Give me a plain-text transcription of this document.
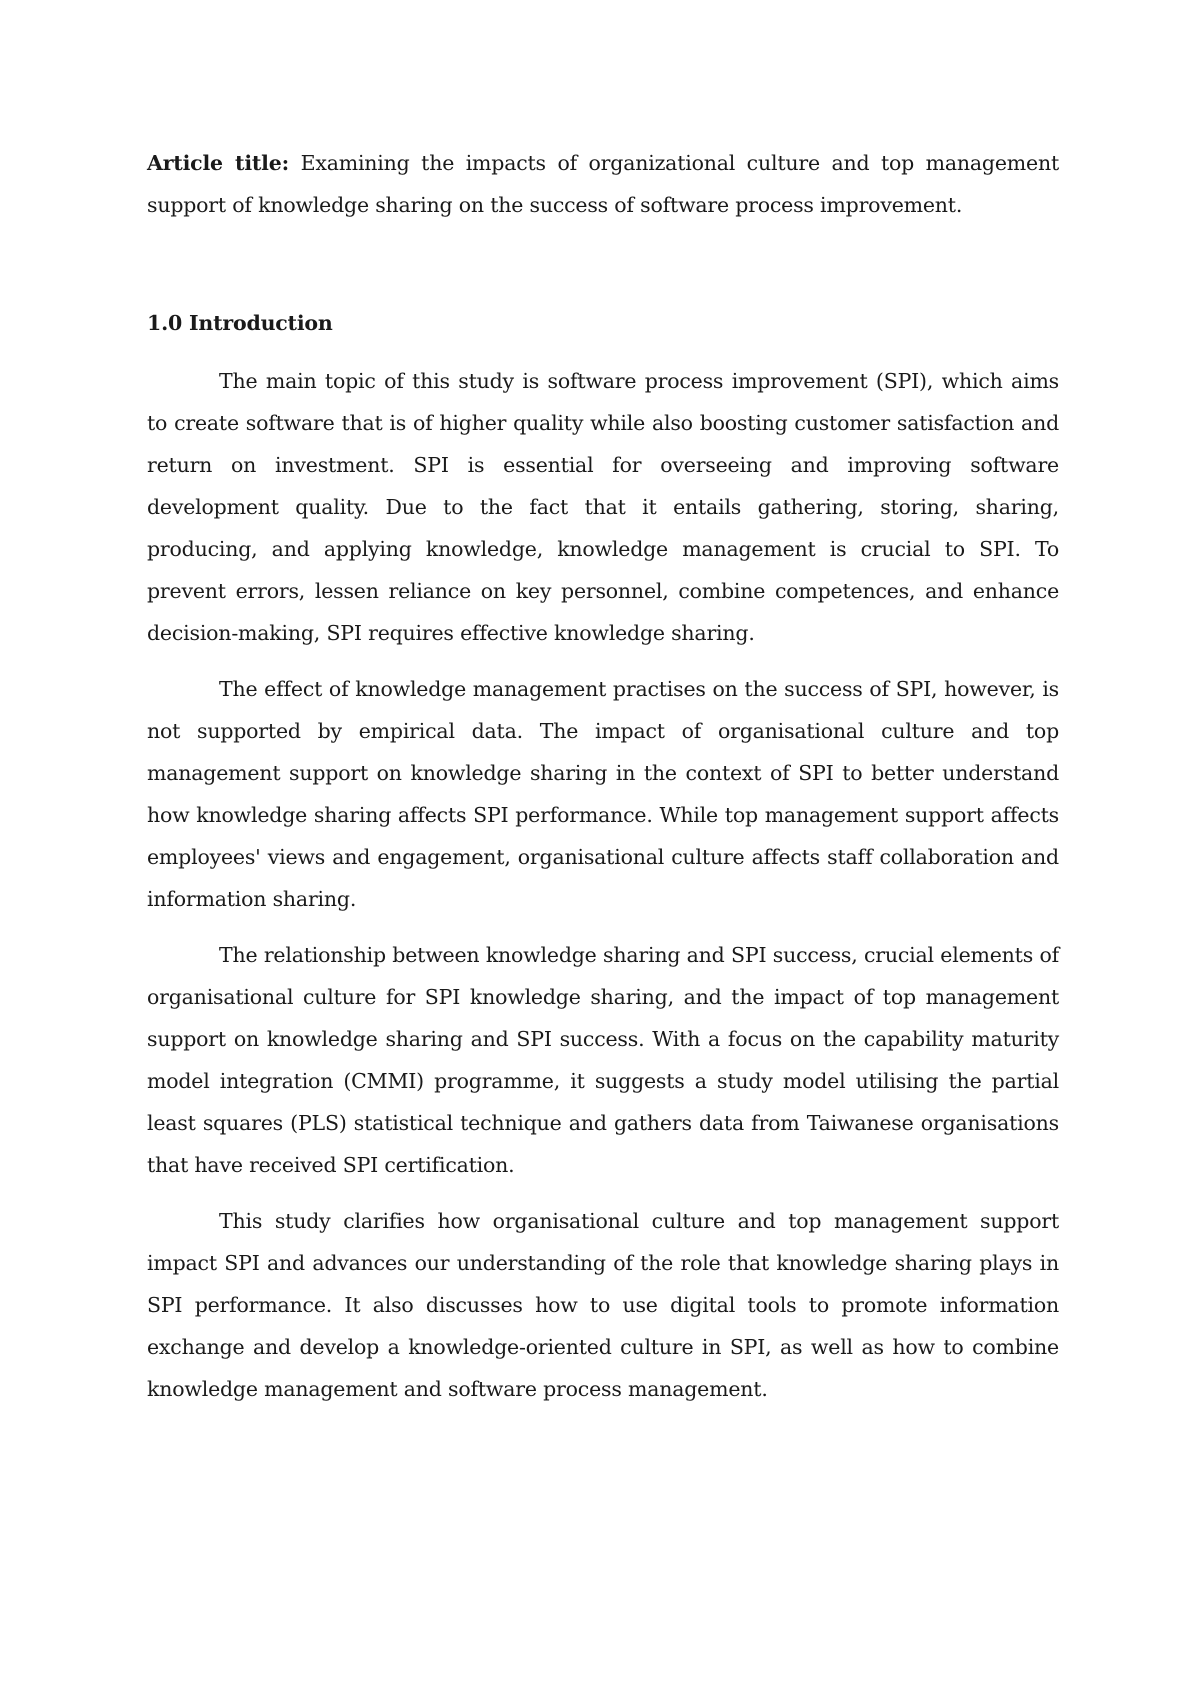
Article title: Examining the impacts of organizational culture and top management support of knowledge sharing on the success of software process improvement.

1.0 Introduction

The main topic of this study is software process improvement (SPI), which aims to create software that is of higher quality while also boosting customer satisfaction and return on investment. SPI is essential for overseeing and improving software development quality. Due to the fact that it entails gathering, storing, sharing, producing, and applying knowledge, knowledge management is crucial to SPI. To prevent errors, lessen reliance on key personnel, combine competences, and enhance decision-making, SPI requires effective knowledge sharing.

The effect of knowledge management practises on the success of SPI, however, is not supported by empirical data. The impact of organisational culture and top management support on knowledge sharing in the context of SPI to better understand how knowledge sharing affects SPI performance. While top management support affects employees' views and engagement, organisational culture affects staff collaboration and information sharing.

The relationship between knowledge sharing and SPI success, crucial elements of organisational culture for SPI knowledge sharing, and the impact of top management support on knowledge sharing and SPI success. With a focus on the capability maturity model integration (CMMI) programme, it suggests a study model utilising the partial least squares (PLS) statistical technique and gathers data from Taiwanese organisations that have received SPI certification.

This study clarifies how organisational culture and top management support impact SPI and advances our understanding of the role that knowledge sharing plays in SPI performance. It also discusses how to use digital tools to promote information exchange and develop a knowledge-oriented culture in SPI, as well as how to combine knowledge management and software process management.
